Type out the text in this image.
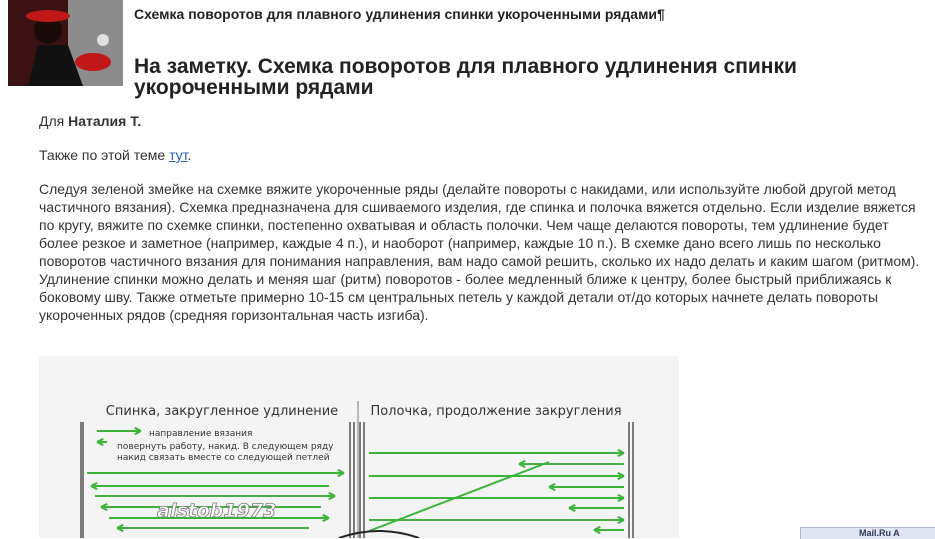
Схемка поворотов для плавного удлинения спинки укороченными рядами¶
На заметку. Схемка поворотов для плавного удлинения спинки укороченными рядами

Для Наталия Т.

Также по этой теме тут.

Следуя зеленой змейке на схемке вяжите укороченные ряды (делайте повороты с накидами, или используйте любой другой метод частичного вязания). Схемка предназначена для сшиваемого изделия, где спинка и полочка вяжется отдельно. Если изделие вяжется по кругу, вяжите по схемке спинки, постепенно охватывая и область полочки. Чем чаще делаются повороты, тем удлинение будет более резкое и заметное (например, каждые 4 п.), и наоборот (например, каждые 10 п.). В схемке дано всего лишь по несколько поворотов частичного вязания для понимания направления, вам надо самой решить, сколько их надо делать и каким шагом (ритмом).

Удлинение спинки можно делать и меняя шаг (ритм) поворотов - более медленный ближе к центру, более быстрый приближаясь к боковому шву. Также отметьте примерно 10-15 см центральных петель у каждой детали от/до которых начнете делать повороты укороченных рядов (средняя горизонтальная часть изгиба).

Спинка, закругленное удлинение Полочка, продолжение закругления
направление вязания
повернуть работу, накид. В следующем ряду
накид связать вместе со следующей петлей
alstob1973
Mail.Ru A
